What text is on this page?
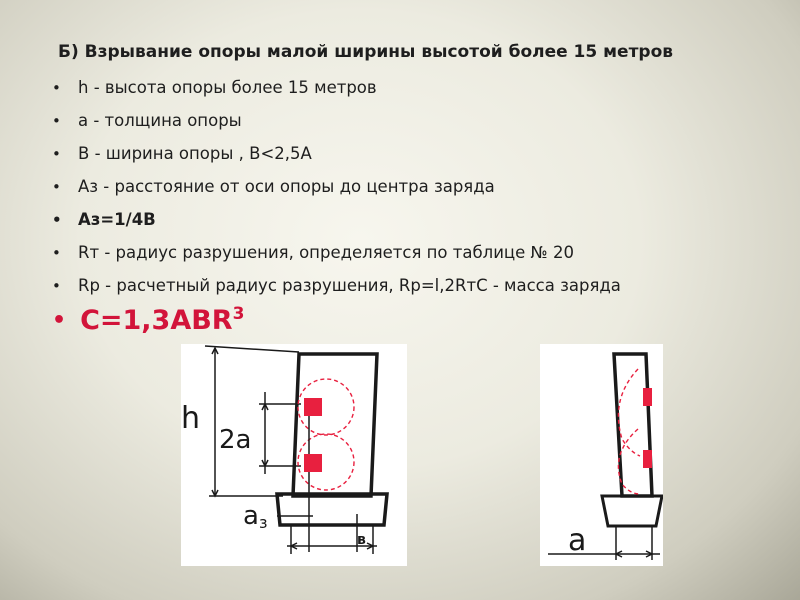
Б) Взрывание опоры малой ширины высотой более 15 метров
• h - высота опоры более 15 метров
• a - толщина опоры
• В - ширина опоры , В<2,5А
• Аз - расстояние от оси опоры до центра заряда
• Аз=1/4В
• Rт - радиус разрушения, определяется по таблице № 20
• Rр - расчетный радиус разрушения, Rр=l,2RтС - масса заряда
• $C=1,3ABR^3$
h
2a
aз
в	a
